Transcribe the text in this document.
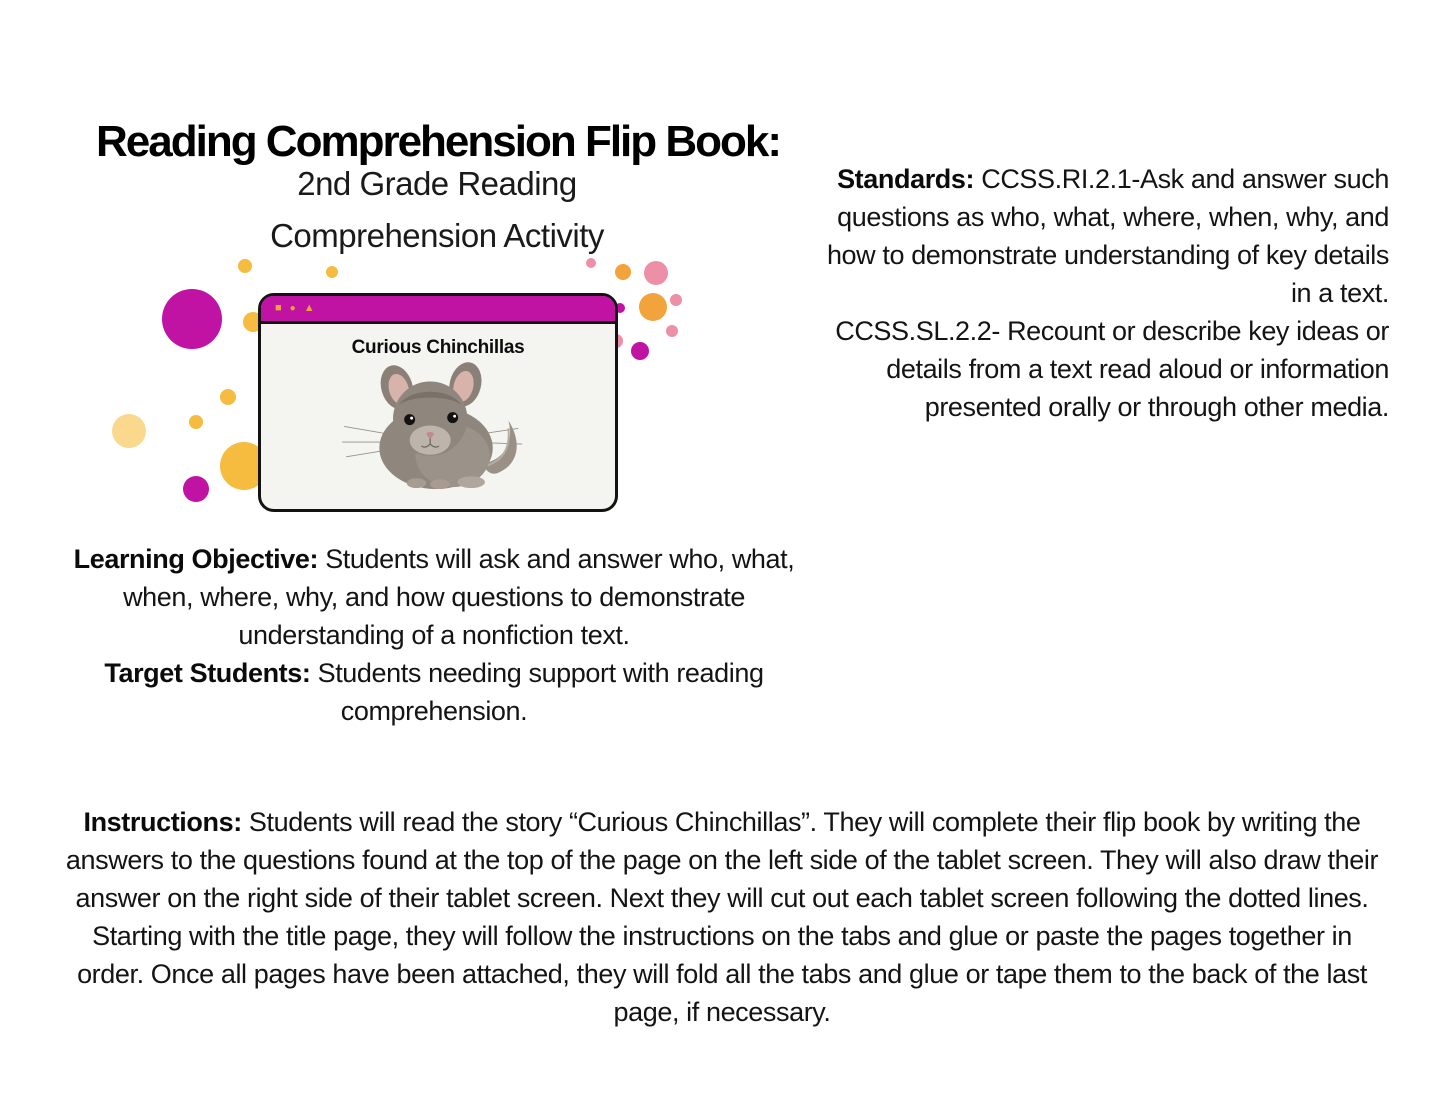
Reading Comprehension Flip Book:
2nd Grade Reading
Comprehension Activity
■ ● ▲
Curious Chinchillas

Standards: CCSS.RI.2.1-Ask and answer such questions as who, what, where, when, why, and how to demonstrate understanding of key details in a text.

CCSS.SL.2.2- Recount or describe key ideas or details from a text read aloud or information presented orally or through other media.

Learning Objective: Students will ask and answer who, what, when, where, why, and how questions to demonstrate understanding of a nonfiction text.

Target Students: Students needing support with reading comprehension.

Instructions: Students will read the story “Curious Chinchillas”. They will complete their flip book by writing the answers to the questions found at the top of the page on the left side of the tablet screen. They will also draw their answer on the right side of their tablet screen. Next they will cut out each tablet screen following the dotted lines. Starting with the title page, they will follow the instructions on the tabs and glue or paste the pages together in order. Once all pages have been attached, they will fold all the tabs and glue or tape them to the back of the last page, if necessary.
